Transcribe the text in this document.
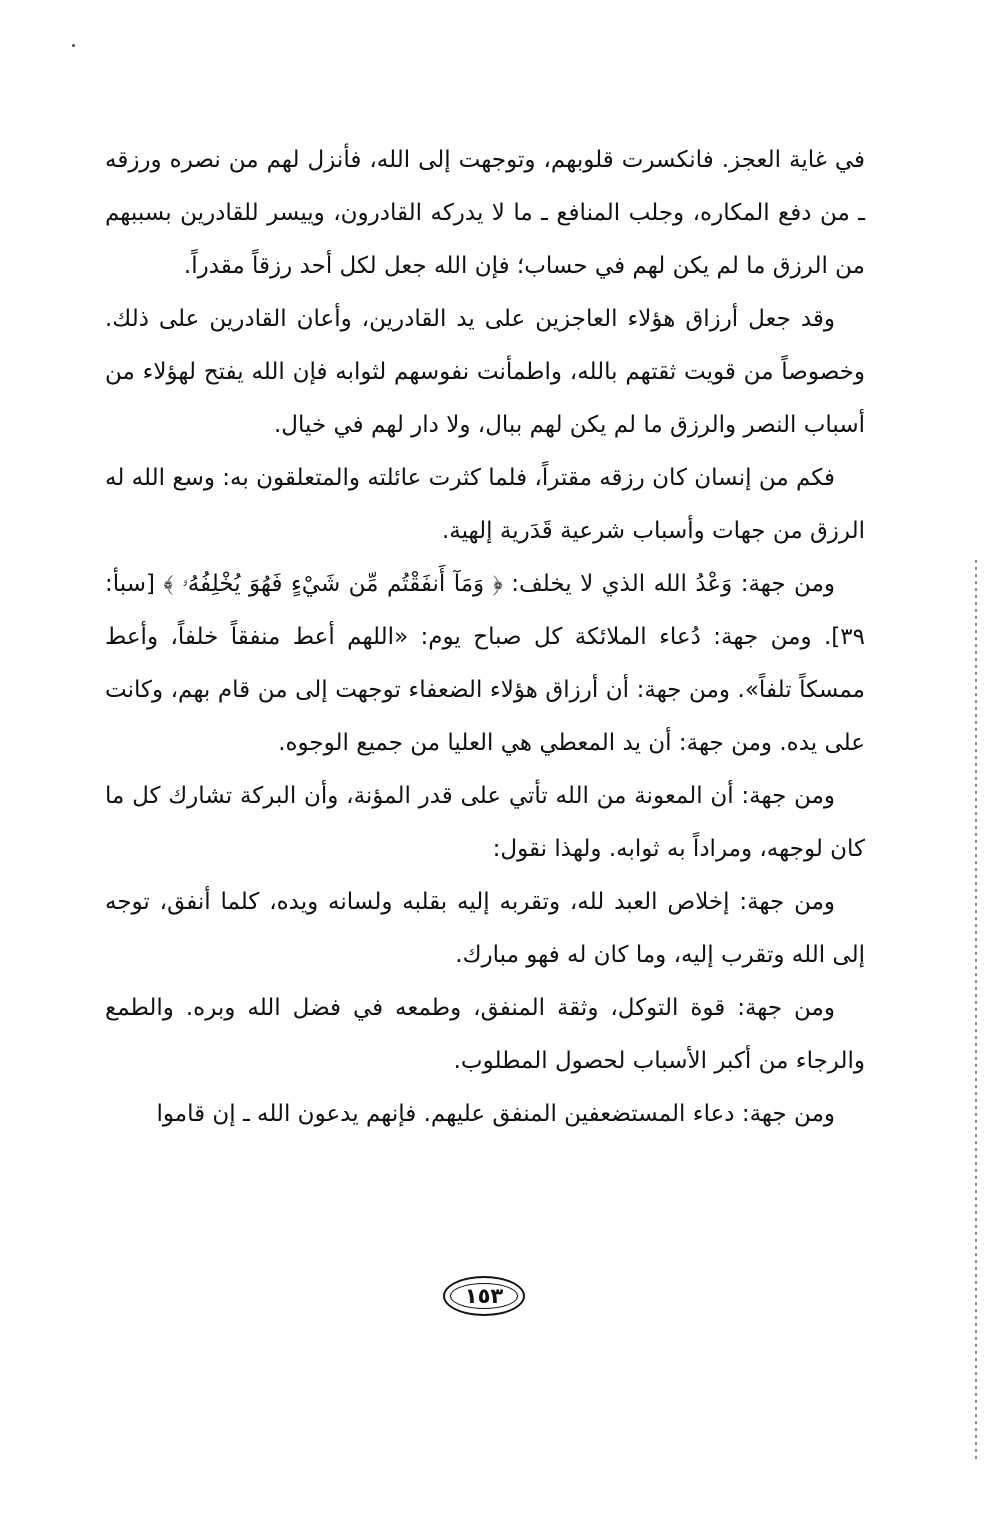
في غاية العجز. فانكسرت قلوبهم، وتوجهت إلى الله، فأنزل لهم من نصره ورزقه ـ من دفع المكاره، وجلب المنافع ـ ما لا يدركه القادرون، وييسر للقادرين بسببهم من الرزق ما لم يكن لهم في حساب؛ فإن الله جعل لكل أحد رزقاً مقدراً.

وقد جعل أرزاق هؤلاء العاجزين على يد القادرين، وأعان القادرين على ذلك. وخصوصاً من قويت ثقتهم بالله، واطمأنت نفوسهم لثوابه فإن الله يفتح لهؤلاء من أسباب النصر والرزق ما لم يكن لهم ببال، ولا دار لهم في خيال.

فكم من إنسان كان رزقه مقتراً، فلما كثرت عائلته والمتعلقون به: وسع الله له الرزق من جهات وأسباب شرعية قَدَرية إلهية.

ومن جهة: وَعْدُ الله الذي لا يخلف: ﴿ وَمَآ أَنفَقْتُم مِّن شَيْءٍ فَهُوَ يُخْلِفُهُۥ ﴾ [سبأ: ٣٩]. ومن جهة: دُعاء الملائكة كل صباح يوم: «اللهم أعط منفقاً خلفاً، وأعط ممسكاً تلفاً». ومن جهة: أن أرزاق هؤلاء الضعفاء توجهت إلى من قام بهم، وكانت على يده. ومن جهة: أن يد المعطي هي العليا من جميع الوجوه.

ومن جهة: أن المعونة من الله تأتي على قدر المؤنة، وأن البركة تشارك كل ما كان لوجهه، ومراداً به ثوابه. ولهذا نقول:

ومن جهة: إخلاص العبد لله، وتقربه إليه بقلبه ولسانه ويده، كلما أنفق، توجه إلى الله وتقرب إليه، وما كان له فهو مبارك.

ومن جهة: قوة التوكل، وثقة المنفق، وطمعه في فضل الله وبره. والطمع والرجاء من أكبر الأسباب لحصول المطلوب.

ومن جهة: دعاء المستضعفين المنفق عليهم. فإنهم يدعون الله ـ إن قاموا

١٥٣
